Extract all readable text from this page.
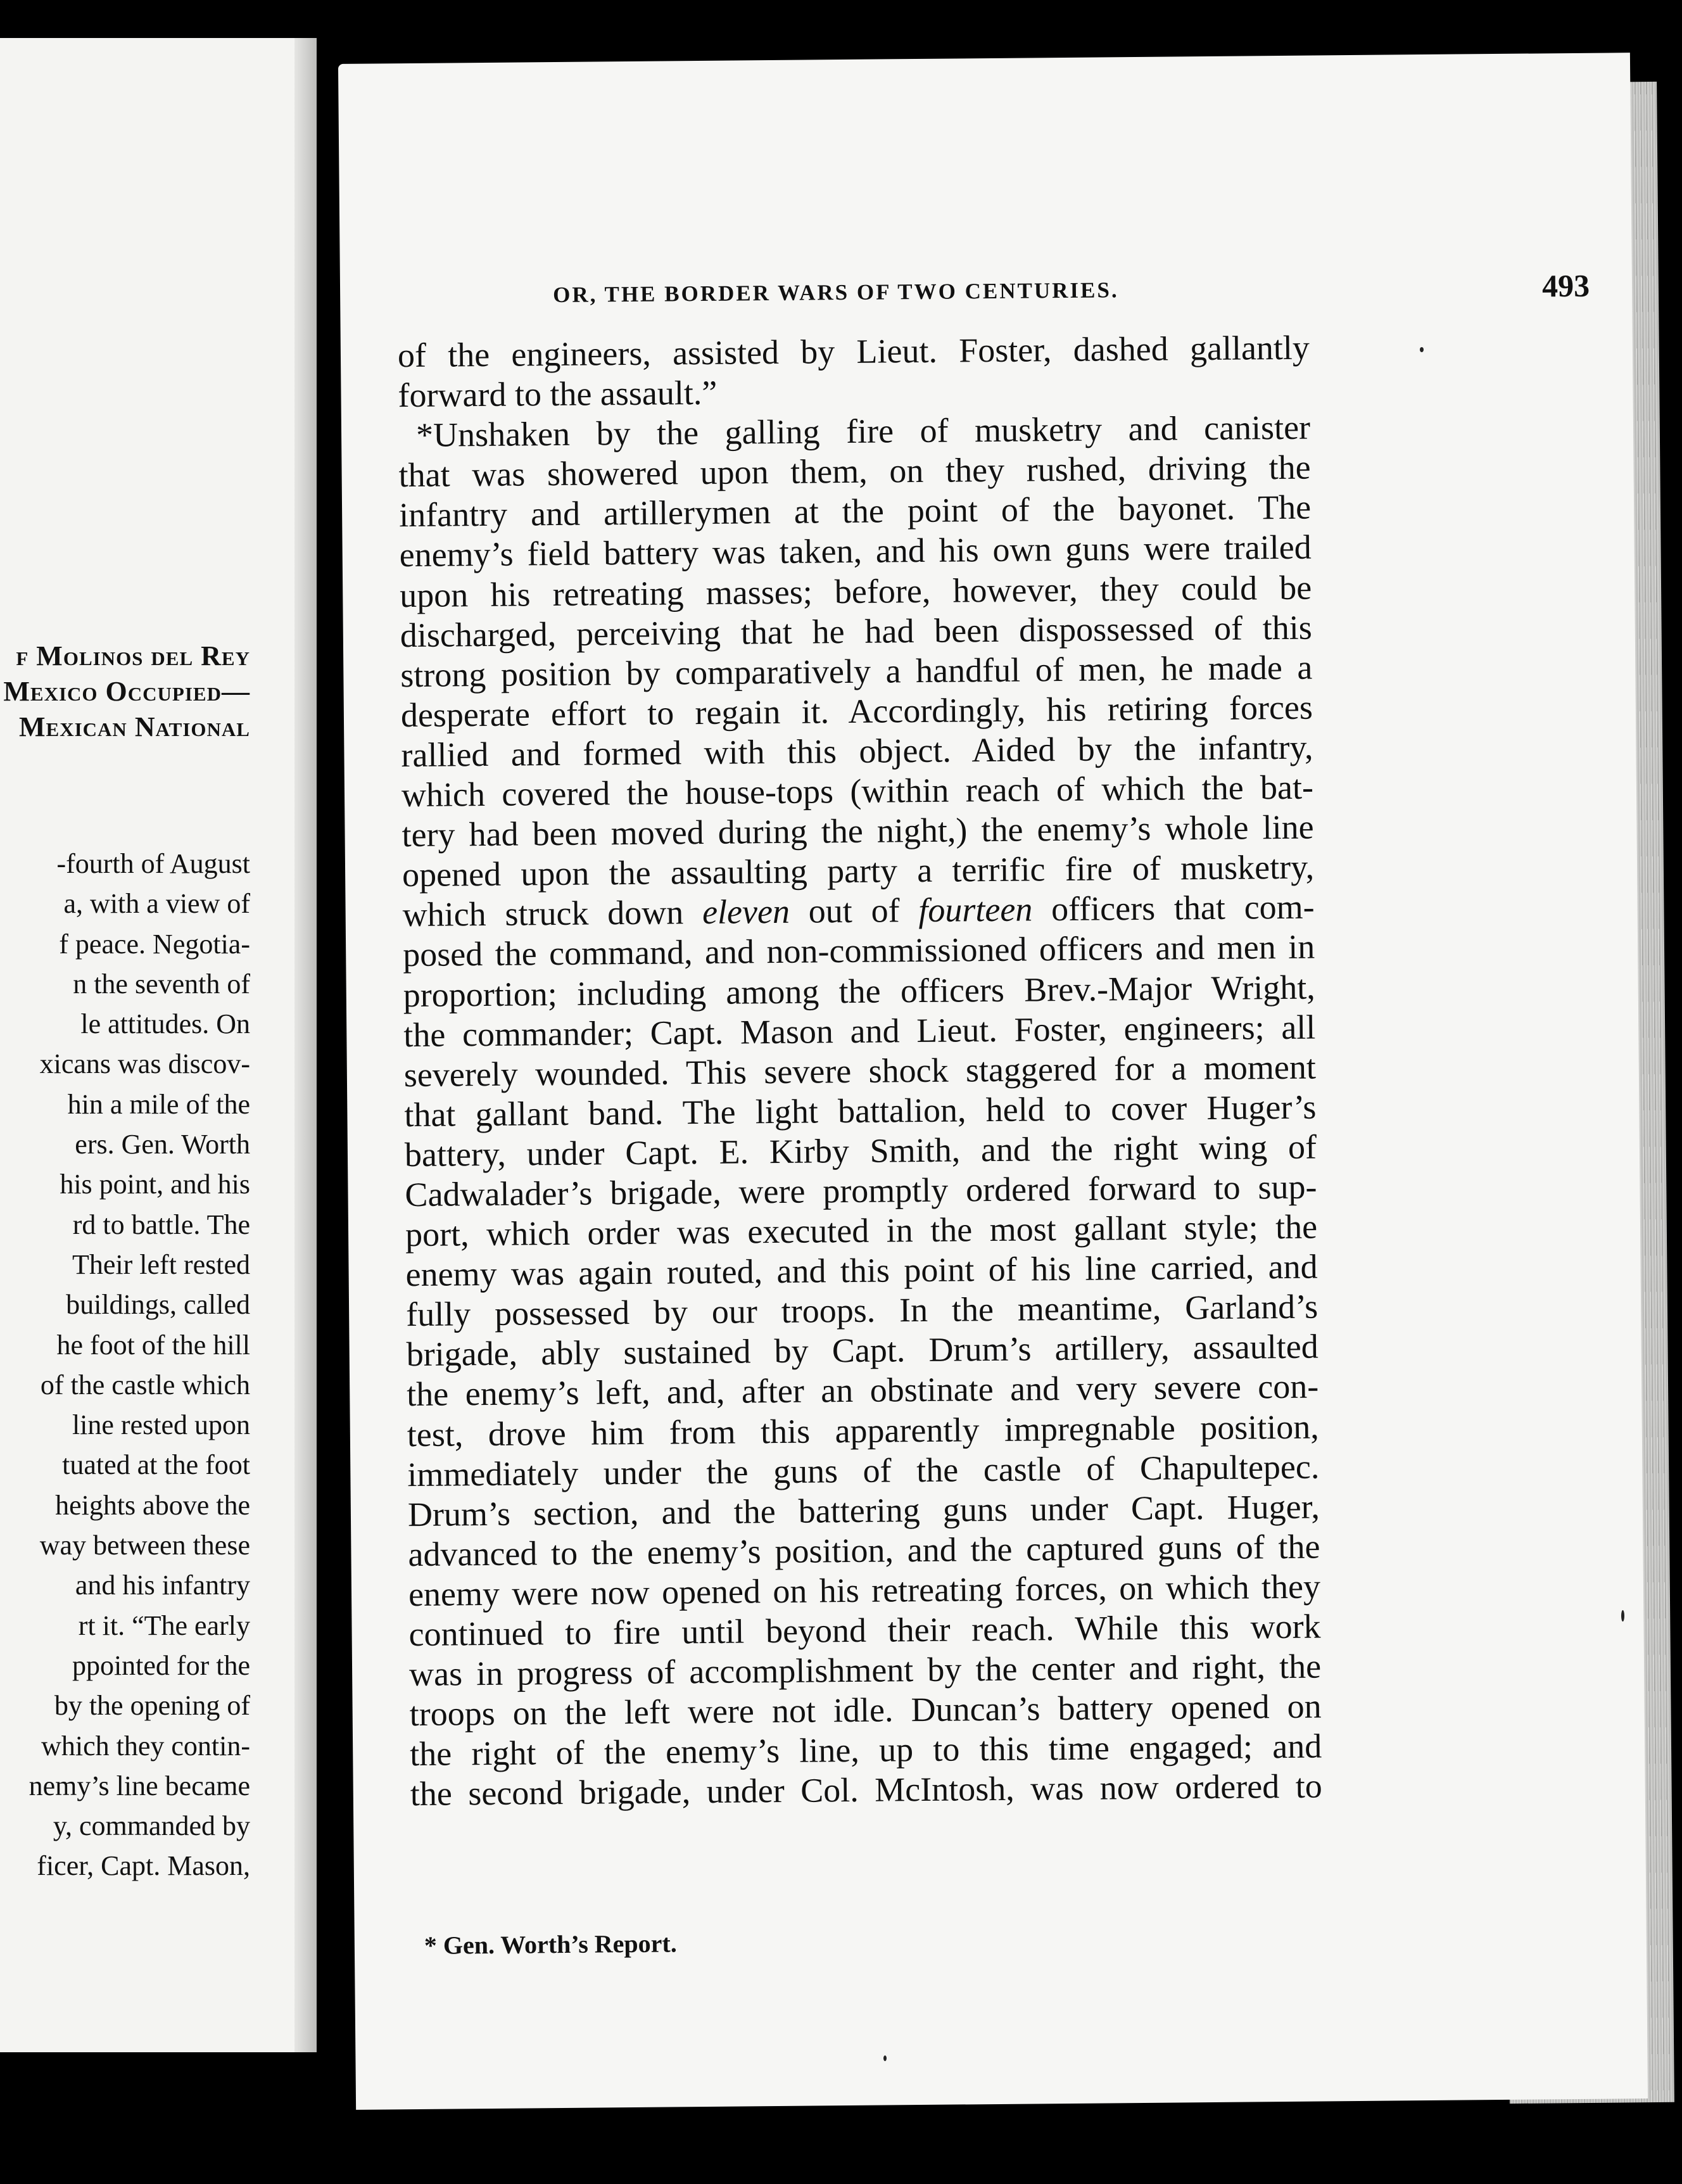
f Molinos del Rey
Mexico Occupied—
Mexican National
-fourth of August
a, with a view of
f peace. Negotia-
n the seventh of
le attitudes. On
xicans was discov-
hin a mile of the
ers. Gen. Worth
his point, and his
rd to battle. The
Their left rested
buildings, called
he foot of the hill
of the castle which
line rested upon
tuated at the foot
heights above the
way between these
and his infantry
rt it. “The early
ppointed for the
by the opening of
which they contin-
nemy’s line became
y, commanded by
ficer, Capt. Mason,
OR, THE BORDER WARS OF TWO CENTURIES.	493
of the engineers, assisted by Lieut. Foster, dashed gallantly
forward to the assault.”
*Unshaken by the galling fire of musketry and canister
that was showered upon them, on they rushed, driving the
infantry and artillerymen at the point of the bayonet. The
enemy’s field battery was taken, and his own guns were trailed
upon his retreating masses; before, however, they could be
discharged, perceiving that he had been dispossessed of this
strong position by comparatively a handful of men, he made a
desperate effort to regain it. Accordingly, his retiring forces
rallied and formed with this object. Aided by the infantry,
which covered the house-tops (within reach of which the bat-
tery had been moved during the night,) the enemy’s whole line
opened upon the assaulting party a terrific fire of musketry,
which struck down eleven out of fourteen officers that com-
posed the command, and non-commissioned officers and men in
proportion; including among the officers Brev.-Major Wright,
the commander; Capt. Mason and Lieut. Foster, engineers; all
severely wounded. This severe shock staggered for a moment
that gallant band. The light battalion, held to cover Huger’s
battery, under Capt. E. Kirby Smith, and the right wing of
Cadwalader’s brigade, were promptly ordered forward to sup-
port, which order was executed in the most gallant style; the
enemy was again routed, and this point of his line carried, and
fully possessed by our troops. In the meantime, Garland’s
brigade, ably sustained by Capt. Drum’s artillery, assaulted
the enemy’s left, and, after an obstinate and very severe con-
test, drove him from this apparently impregnable position,
immediately under the guns of the castle of Chapultepec.
Drum’s section, and the battering guns under Capt. Huger,
advanced to the enemy’s position, and the captured guns of the
enemy were now opened on his retreating forces, on which they
continued to fire until beyond their reach. While this work
was in progress of accomplishment by the center and right, the
troops on the left were not idle. Duncan’s battery opened on
the right of the enemy’s line, up to this time engaged; and
the second brigade, under Col. McIntosh, was now ordered to
* Gen. Worth’s Report.
